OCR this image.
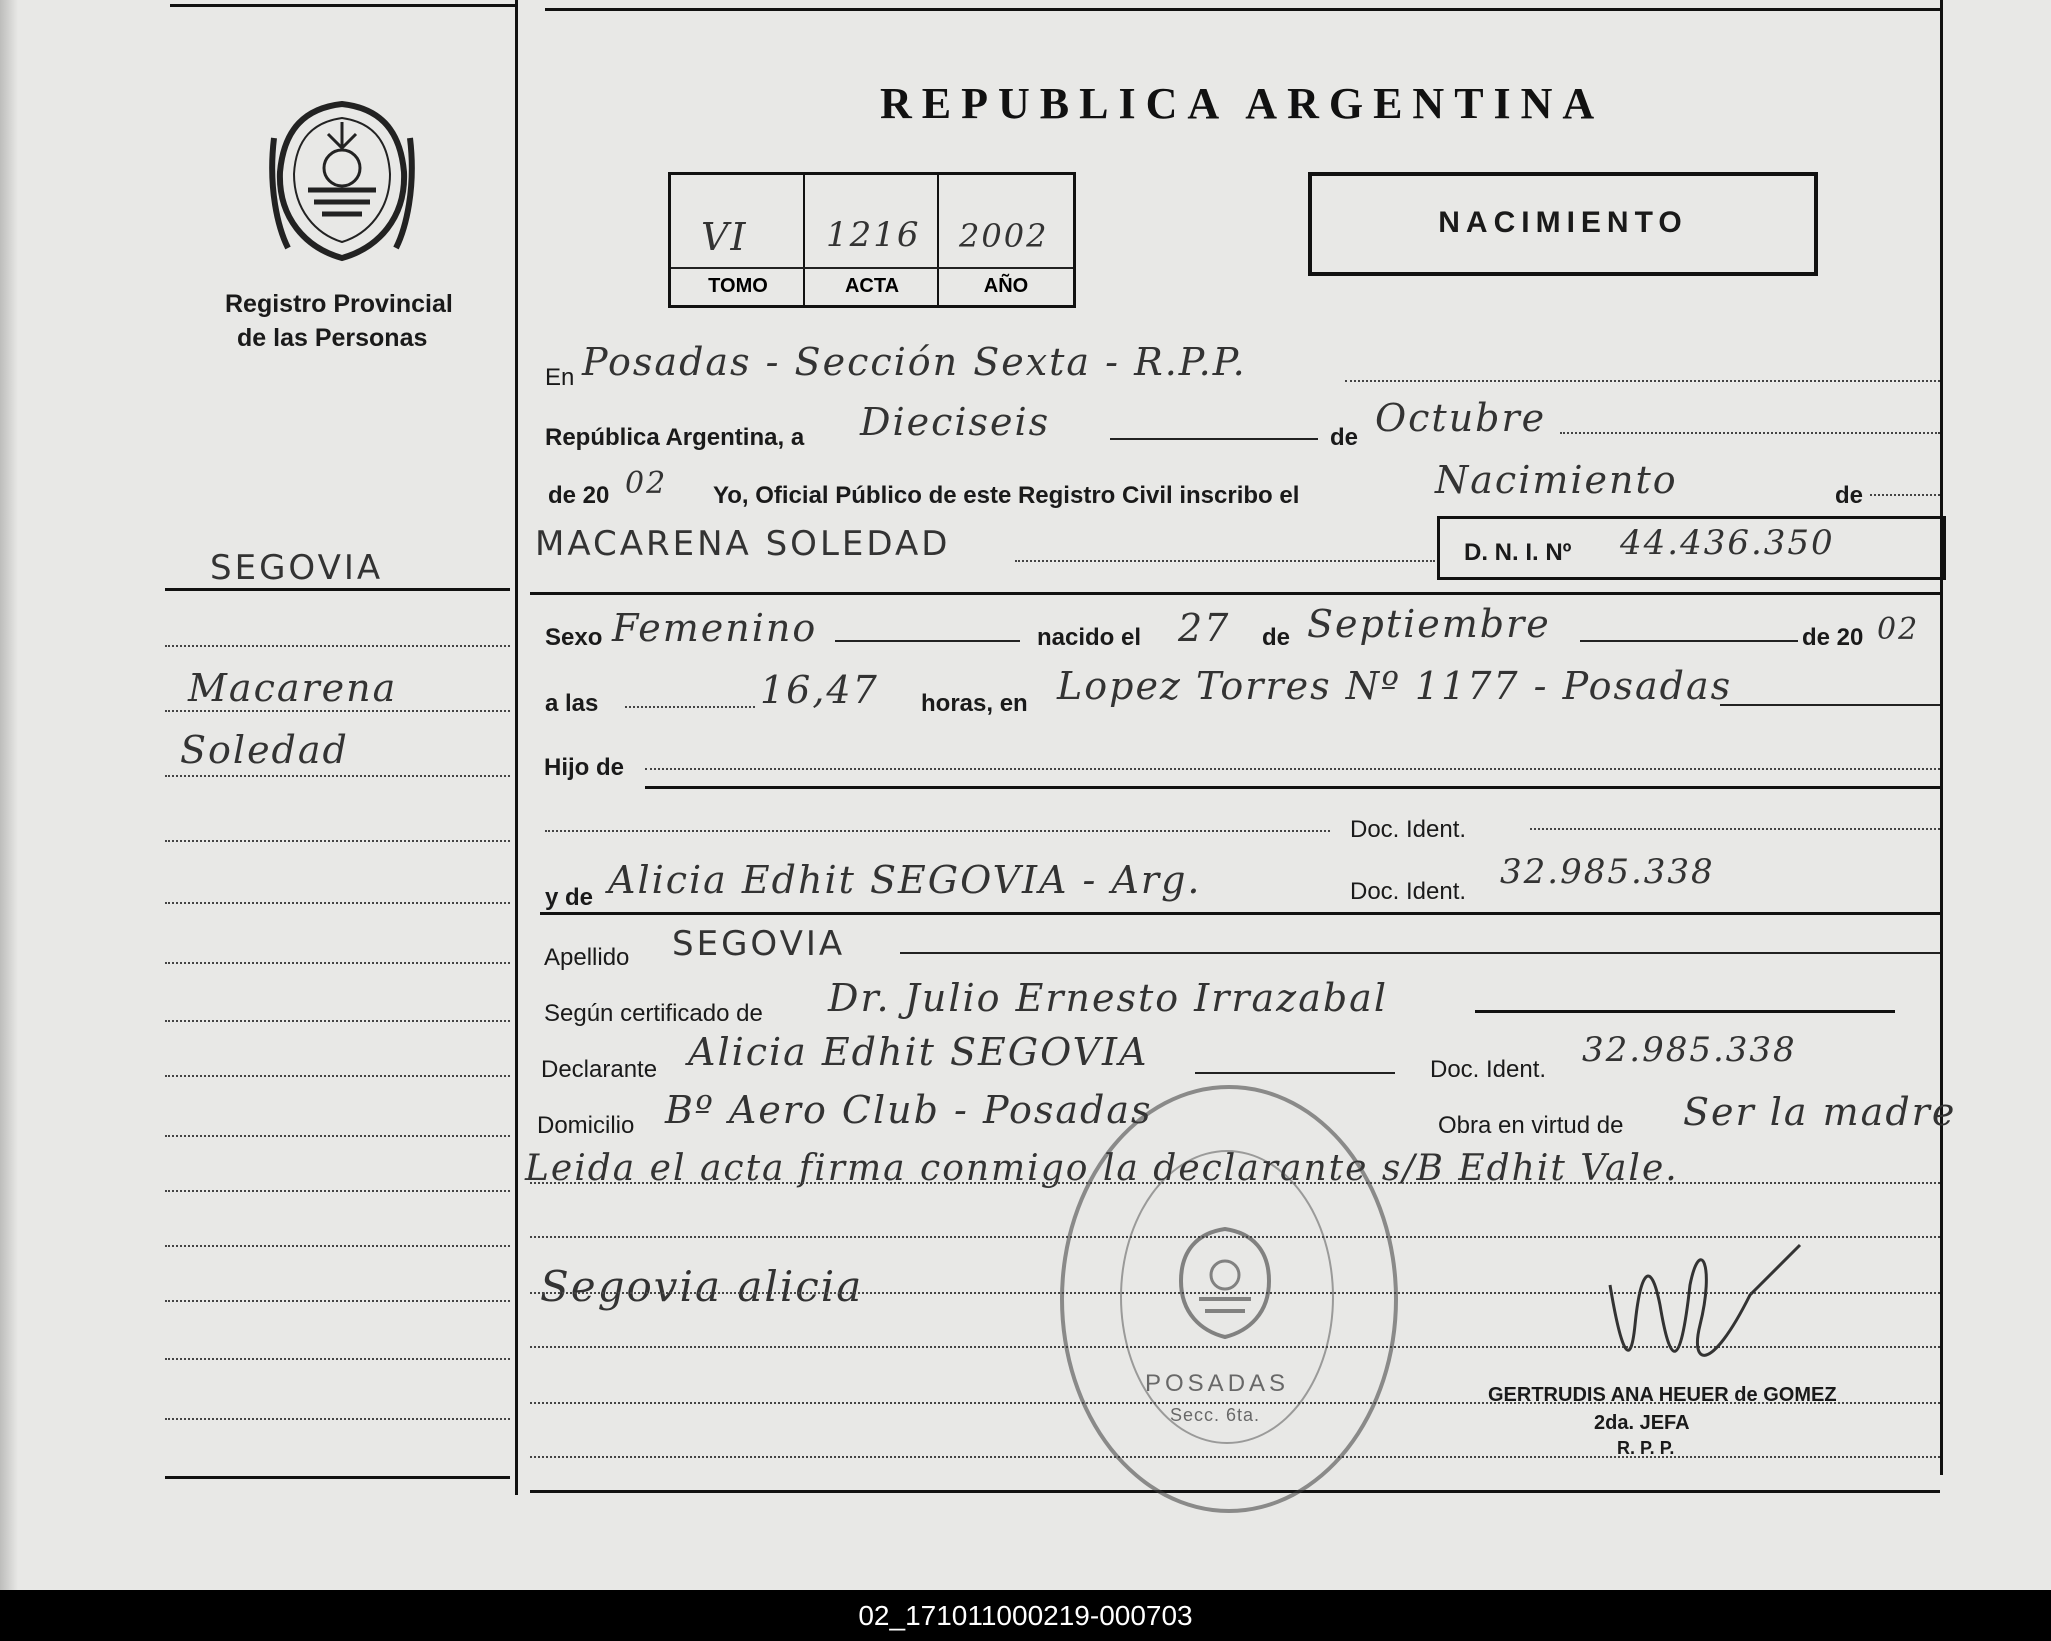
Registro Provincial
de las Personas
REPUBLICA ARGENTINA
VI 1216 2002
TOMO	ACTA	AÑO
NACIMIENTO
SEGOVIA
Macarena
Soledad
En Posadas - Sección Sexta - R.P.P.
República Argentina, a Dieciseis	de Octubre
de 20 02 Yo, Oficial Público de este Registro Civil inscribo el	Nacimiento	de
MACARENA SOLEDAD	D. N. I. Nº 44.436.350
Sexo Femenino	nacido el 27 de Septiembre	de 20 02
a las	16,47 horas, en Lopez Torres Nº 1177 - Posadas
Hijo de
Doc. Ident.
y de Alicia Edhit SEGOVIA - Arg.	Doc. Ident. 32.985.338
Apellido SEGOVIA
Según certificado de Dr. Julio Ernesto Irrazabal
Declarante Alicia Edhit SEGOVIA	Doc. Ident. 32.985.338
Domicilio Bº Aero Club - Posadas	Obra en virtud de Ser la madre
Leida el acta firma conmigo la declarante s/B Edhit Vale.
Segovia alicia
POSADAS
Secc. 6ta.
GERTRUDIS ANA HEUER de GOMEZ
2da. JEFA
R. P. P.
02_171011000219-000703
